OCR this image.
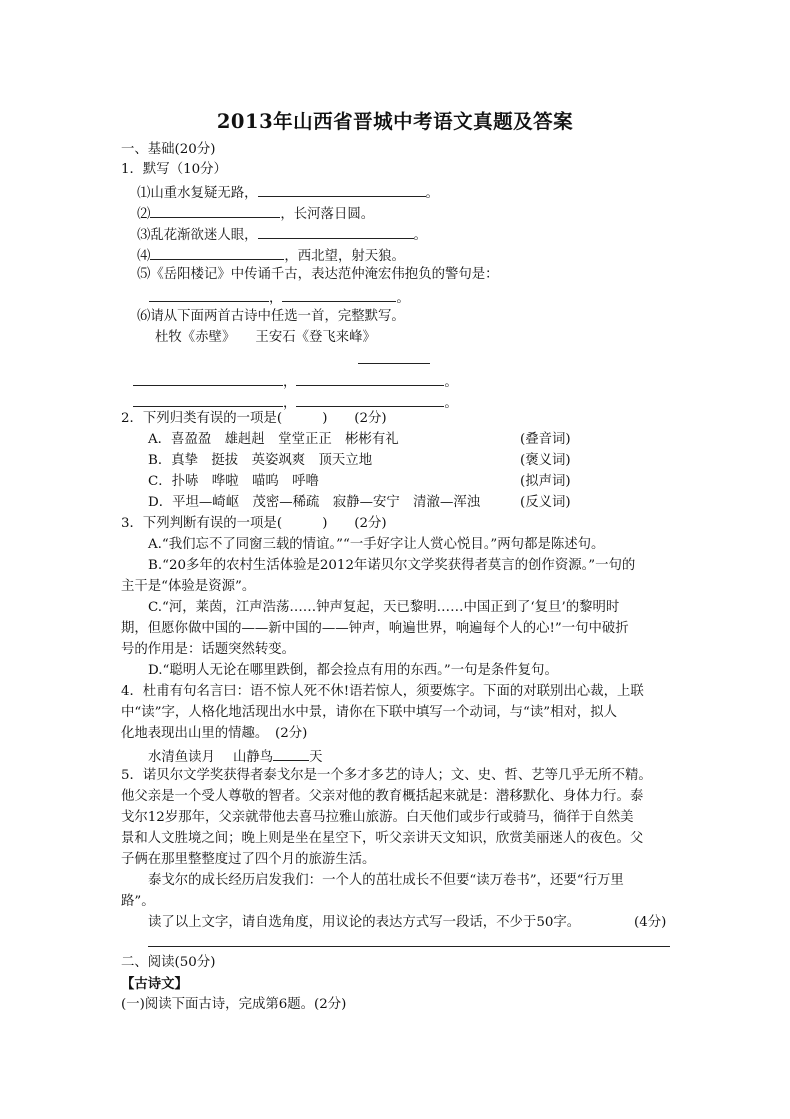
2013年山西省晋城中考语文真题及答案
一、基础(20分)
1．默写（10分）
⑴山重水复疑无路，	。
⑵	，长河落日圆。
⑶乱花渐欲迷人眼，	。
⑷	，西北望，射天狼。
⑸《岳阳楼记》中传诵千古，表达范仲淹宏伟抱负的警句是：
，	。
⑹请从下面两首古诗中任选一首，完整默写。
杜牧《赤壁》　　王安石《登飞来峰》
，	。
，	。
2．下列归类有误的一项是(　　　)　　(2分)
A．喜盈盈　雄赳赳　堂堂正正　彬彬有礼	(叠音词)
B．真挚　挺拔　英姿飒爽　顶天立地	(褒义词)
C．扑哧　哗啦　喵呜　呼噜	(拟声词)
D．平坦—崎岖　茂密—稀疏　寂静—安宁　清澈—浑浊	(反义词)
3．下列判断有误的一项是(　　　)　　(2分)
A.“我们忘不了同窗三载的情谊。”“一手好字让人赏心悦目。”两句都是陈述句。
B.“20多年的农村生活体验是2012年诺贝尔文学奖获得者莫言的创作资源。”一句的
主干是“体验是资源”。
C.“河，莱茵，江声浩荡……钟声复起，天已黎明……中国正到了‘复旦’的黎明时
期，但愿你做中国的——新中国的——钟声，响遍世界，响遍每个人的心!”一句中破折
号的作用是：话题突然转变。
D.“聪明人无论在哪里跌倒，都会捡点有用的东西。”一句是条件复句。
4．杜甫有句名言曰：语不惊人死不休!语若惊人，须要炼字。下面的对联别出心裁，上联
中“读”字，人格化地活现出水中景，请你在下联中填写一个动词，与“读”相对，拟人
化地表现出山里的情趣。　(2分)
水清鱼读月 山静鸟	天
5．诺贝尔文学奖获得者泰戈尔是一个多才多艺的诗人；文、史、哲、艺等几乎无所不精。
他父亲是一个受人尊敬的智者。父亲对他的教育概括起来就是：潜移默化、身体力行。泰
戈尔12岁那年，父亲就带他去喜马拉雅山旅游。白天他们或步行或骑马，徜徉于自然美
景和人文胜境之间；晚上则是坐在星空下，听父亲讲天文知识，欣赏美丽迷人的夜色。父
子俩在那里整整度过了四个月的旅游生活。
泰戈尔的成长经历启发我们：一个人的茁壮成长不但要“读万卷书”，还要“行万里
路”。
读了以上文字，请自选角度，用议论的表达方式写一段话，不少于50字。	(4分)
二、阅读(50分)
【古诗文】
(一)阅读下面古诗，完成第6题。(2分)
